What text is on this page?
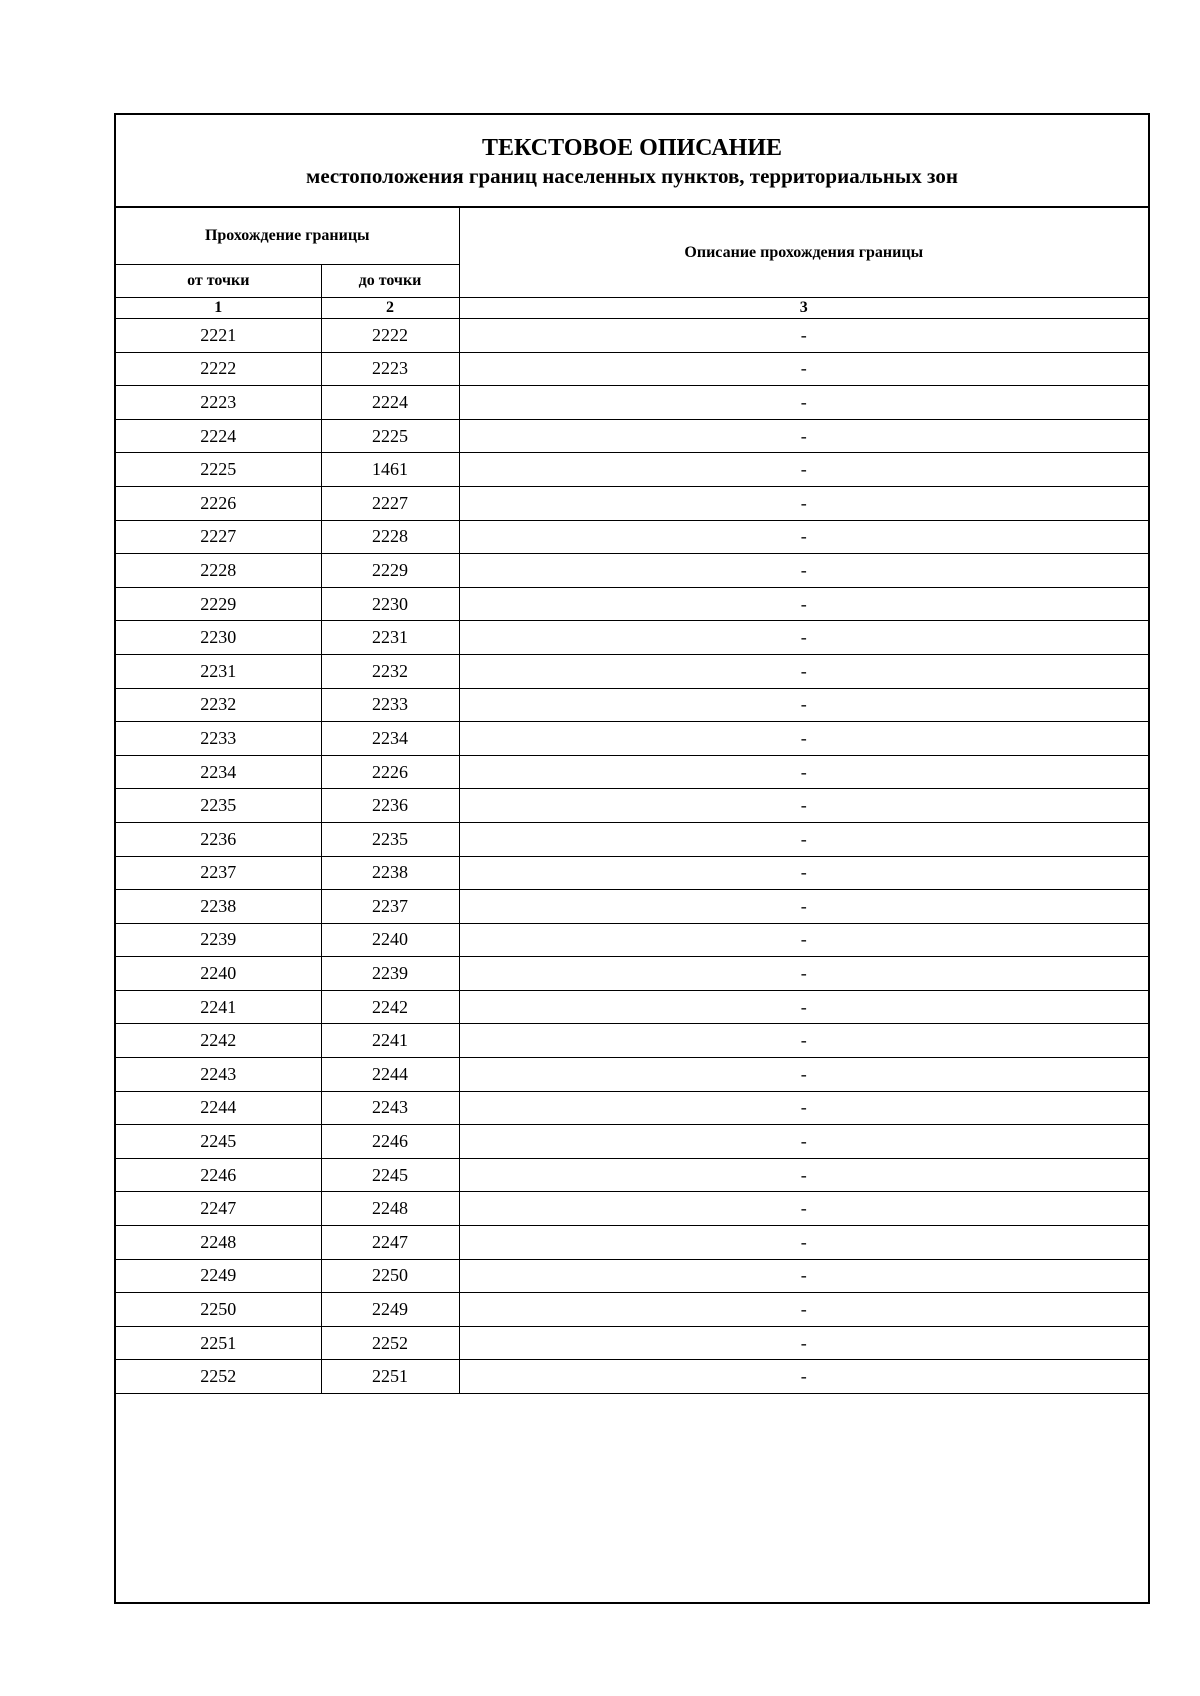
ТЕКСТОВОЕ ОПИСАНИЕ
местоположения границ населенных пунктов, территориальных зон
Прохождение границы		Описание прохождения границы
от точки	до точки	
1	2	3
2221	2222	-
2222	2223	-
2223	2224	-
2224	2225	-
2225	1461	-
2226	2227	-
2227	2228	-
2228	2229	-
2229	2230	-
2230	2231	-
2231	2232	-
2232	2233	-
2233	2234	-
2234	2226	-
2235	2236	-
2236	2235	-
2237	2238	-
2238	2237	-
2239	2240	-
2240	2239	-
2241	2242	-
2242	2241	-
2243	2244	-
2244	2243	-
2245	2246	-
2246	2245	-
2247	2248	-
2248	2247	-
2249	2250	-
2250	2249	-
2251	2252	-
2252	2251	-
